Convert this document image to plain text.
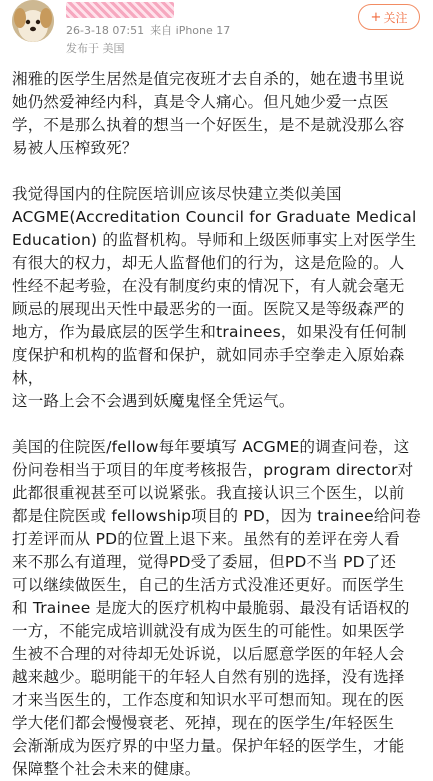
26-3-18 07:51 来自 iPhone 17
发布于 美国
+ 关注

湘雅的医学生居然是值完夜班才去自杀的，她在遗书里说
她仍然爱神经内科，真是令人痛心。但凡她少爱一点医
学，不是那么执着的想当一个好医生，是不是就没那么容
易被人压榨致死？

我觉得国内的住院医培训应该尽快建立类似美国
ACGME(Accreditation Council for Graduate Medical
Education) 的监督机构。导师和上级医师事实上对医学生
有很大的权力，却无人监督他们的行为，这是危险的。人
性经不起考验，在没有制度约束的情况下，有人就会毫无
顾忌的展现出天性中最恶劣的一面。医院又是等级森严的
地方，作为最底层的医学生和trainees，如果没有任何制
度保护和机构的监督和保护，就如同赤手空拳走入原始森林，
这一路上会不会遇到妖魔鬼怪全凭运气。

美国的住院医/fellow每年要填写 ACGME的调查问卷，这
份问卷相当于项目的年度考核报告，program director对
此都很重视甚至可以说紧张。我直接认识三个医生，以前
都是住院医或 fellowship项目的 PD，因为 trainee给问卷
打差评而从 PD的位置上退下来。虽然有的差评在旁人看
来不那么有道理，觉得PD受了委屈，但PD不当 PD了还
可以继续做医生，自己的生活方式没准还更好。而医学生
和 Trainee 是庞大的医疗机构中最脆弱、最没有话语权的
一方，不能完成培训就没有成为医生的可能性。如果医学
生被不合理的对待却无处诉说，以后愿意学医的年轻人会
越来越少。聪明能干的年轻人自然有别的选择，没有选择
才来当医生的，工作态度和知识水平可想而知。现在的医
学大佬们都会慢慢衰老、死掉，现在的医学生/年轻医生
会渐渐成为医疗界的中坚力量。保护年轻的医学生，才能
保障整个社会未来的健康。
